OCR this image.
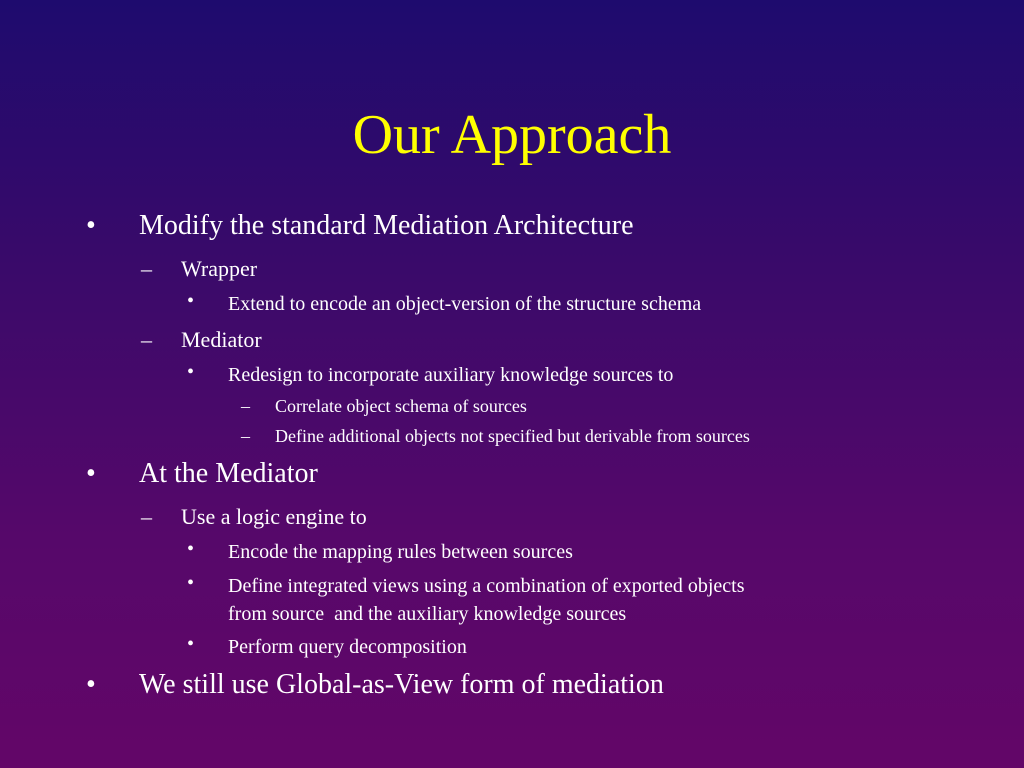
Our Approach
• Modify the standard Mediation Architecture
– Wrapper
• Extend to encode an object-version of the structure schema
– Mediator
• Redesign to incorporate auxiliary knowledge sources to
– Correlate object schema of sources
– Define additional objects not specified but derivable from sources
• At the Mediator
– Use a logic engine to
• Encode the mapping rules between sources
• Define integrated views using a combination of exported objects
from source  and the auxiliary knowledge sources
• Perform query decomposition
• We still use Global-as-View form of mediation
